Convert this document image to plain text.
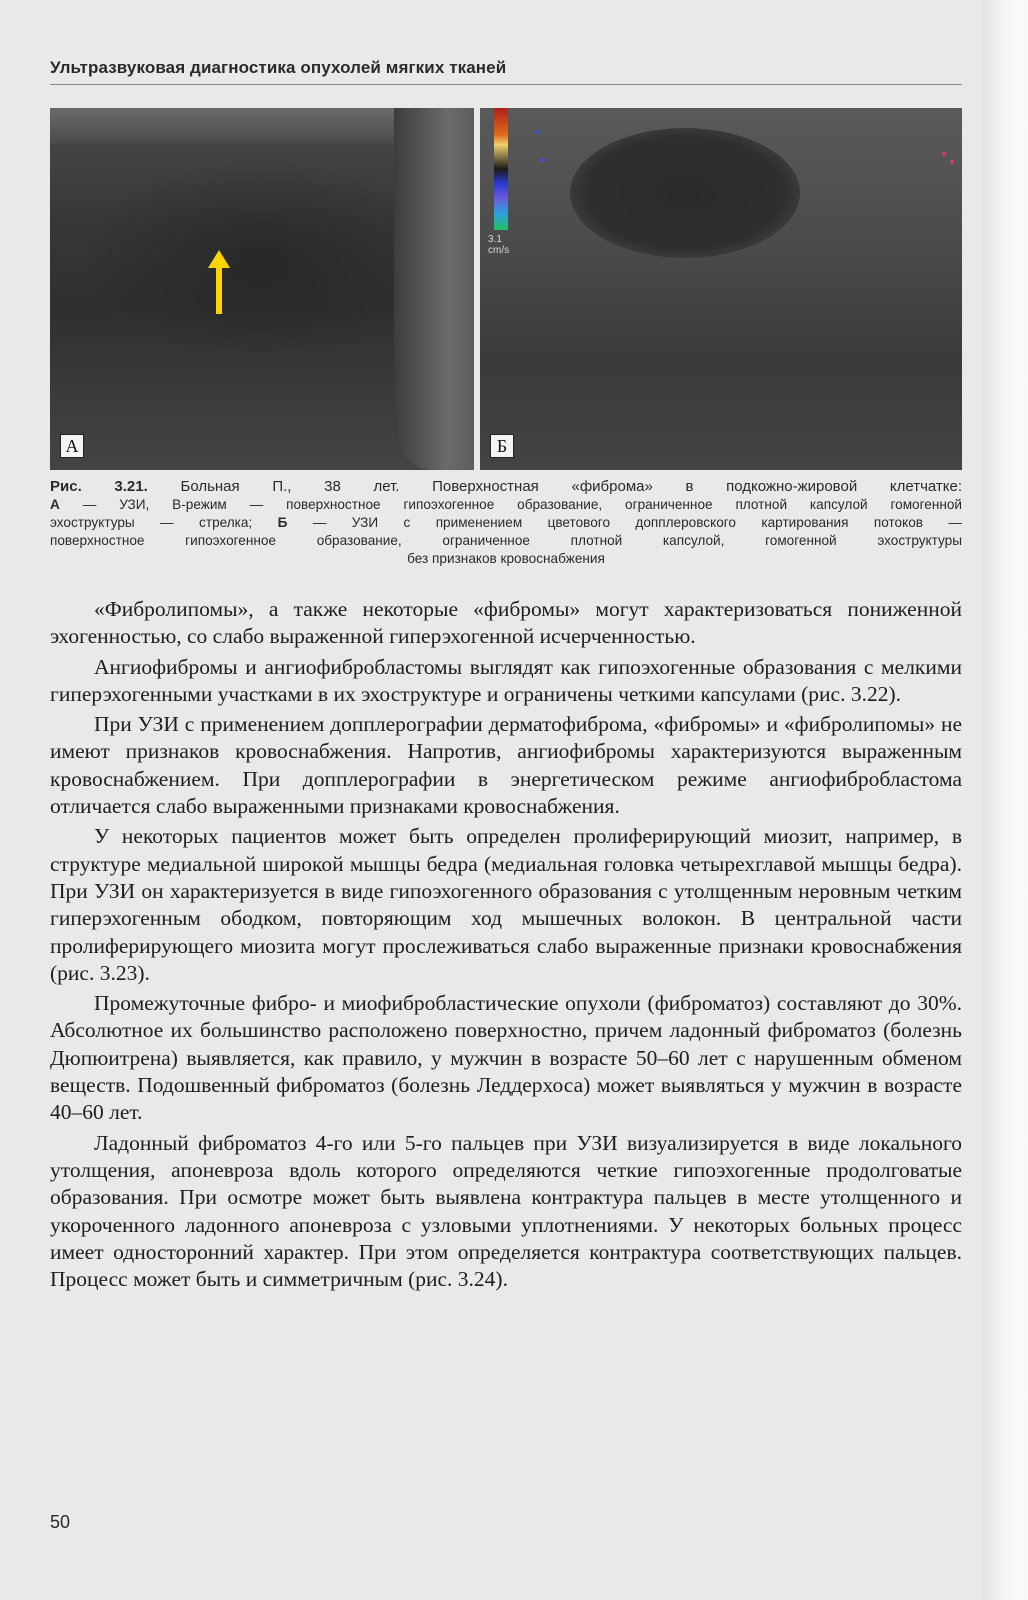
Ультразвуковая диагностика опухолей мягких тканей
А
3.1
cm/s
Б
Рис. 3.21. Больная П., 38 лет. Поверхностная «фиброма» в подкожно-жировой клетчатке:
А — УЗИ, В-режим — поверхностное гипоэхогенное образование, ограниченное плотной капсулой гомогенной
эхоструктуры — стрелка; Б — УЗИ с применением цветового допплеровского картирования потоков —
поверхностное гипоэхогенное образование, ограниченное плотной капсулой, гомогенной эхоструктуры
без признаков кровоснабжения

«Фибролипомы», а также некоторые «фибромы» могут характеризоваться пониженной эхогенностью, со слабо выраженной гиперэхогенной исчерченностью.

Ангиофибромы и ангиофибробластомы выглядят как гипоэхогенные образования с мелкими гиперэхогенными участками в их эхоструктуре и ограничены четкими капсулами (рис. 3.22).

При УЗИ с применением допплерографии дерматофиброма, «фибромы» и «фибролипомы» не имеют признаков кровоснабжения. Напротив, ангиофибромы характеризуются выраженным кровоснабжением. При допплерографии в энергетическом режиме ангиофибробластома отличается слабо выраженными признаками кровоснабжения.

У некоторых пациентов может быть определен пролиферирующий миозит, например, в структуре медиальной широкой мышцы бедра (медиальная головка четырехглавой мышцы бедра). При УЗИ он характеризуется в виде гипоэхогенного образования с утолщенным неровным четким гиперэхогенным ободком, повторяющим ход мышечных волокон. В центральной части пролиферирующего миозита могут прослеживаться слабо выраженные признаки кровоснабжения (рис. 3.23).

Промежуточные фибро- и миофибробластические опухоли (фиброматоз) составляют до 30%. Абсолютное их большинство расположено поверхностно, причем ладонный фиброматоз (болезнь Дюпюитрена) выявляется, как правило, у мужчин в возрасте 50–60 лет с нарушенным обменом веществ. Подошвенный фиброматоз (болезнь Леддерхоса) может выявляться у мужчин в возрасте 40–60 лет.

Ладонный фиброматоз 4-го или 5-го пальцев при УЗИ визуализируется в виде локального утолщения, апоневроза вдоль которого определяются четкие гипоэхогенные продолговатые образования. При осмотре может быть выявлена контрактура пальцев в месте утолщенного и укороченного ладонного апоневроза с узловыми уплотнениями. У некоторых больных процесс имеет односторонний характер. При этом определяется контрактура соответствующих пальцев. Процесс может быть и симметричным (рис. 3.24).

50
